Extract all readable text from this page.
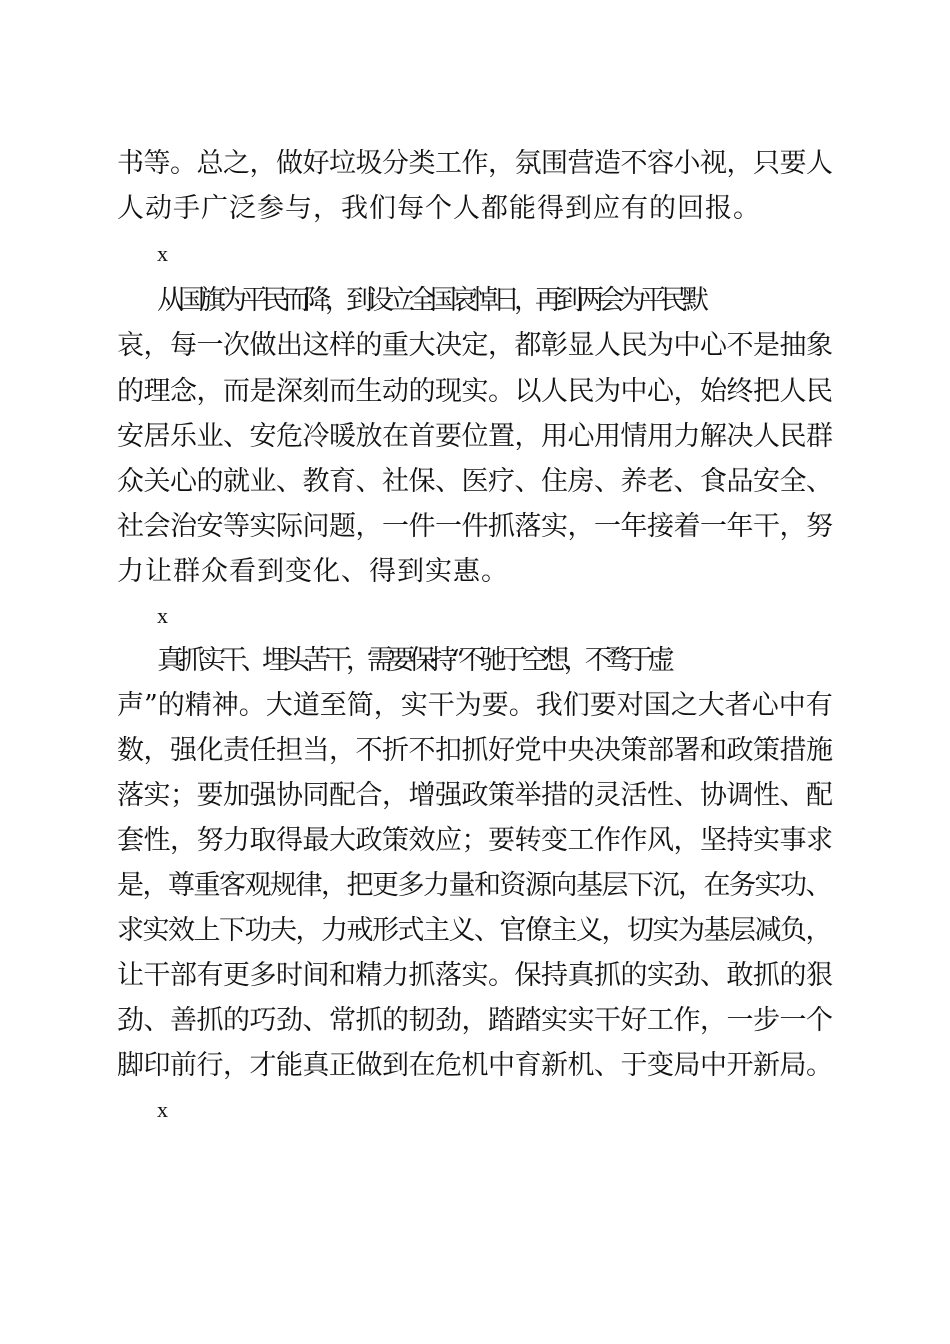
书等。总之，做好垃圾分类工作，氛围营造不容小视，只要人
人动手广泛参与，我们每个人都能得到应有的回报。
x
从国旗为平民而降，到设立全国哀悼日，再到两会为平民默
哀，每一次做出这样的重大决定，都彰显人民为中心不是抽象
的理念，而是深刻而生动的现实。以人民为中心，始终把人民
安居乐业、安危冷暖放在首要位置，用心用情用力解决人民群
众关心的就业、教育、社保、医疗、住房、养老、食品安全、
社会治安等实际问题，一件一件抓落实，一年接着一年干，努
力让群众看到变化、得到实惠。
x
真抓实干、埋头苦干，需要保持“不驰于空想，不骛于虚
声”的精神。大道至简，实干为要。我们要对国之大者心中有
数，强化责任担当，不折不扣抓好党中央决策部署和政策措施
落实；要加强协同配合，增强政策举措的灵活性、协调性、配
套性，努力取得最大政策效应；要转变工作作风，坚持实事求
是，尊重客观规律，把更多力量和资源向基层下沉，在务实功、
求实效上下功夫，力戒形式主义、官僚主义，切实为基层减负，
让干部有更多时间和精力抓落实。保持真抓的实劲、敢抓的狠
劲、善抓的巧劲、常抓的韧劲，踏踏实实干好工作，一步一个
脚印前行，才能真正做到在危机中育新机、于变局中开新局。
x
